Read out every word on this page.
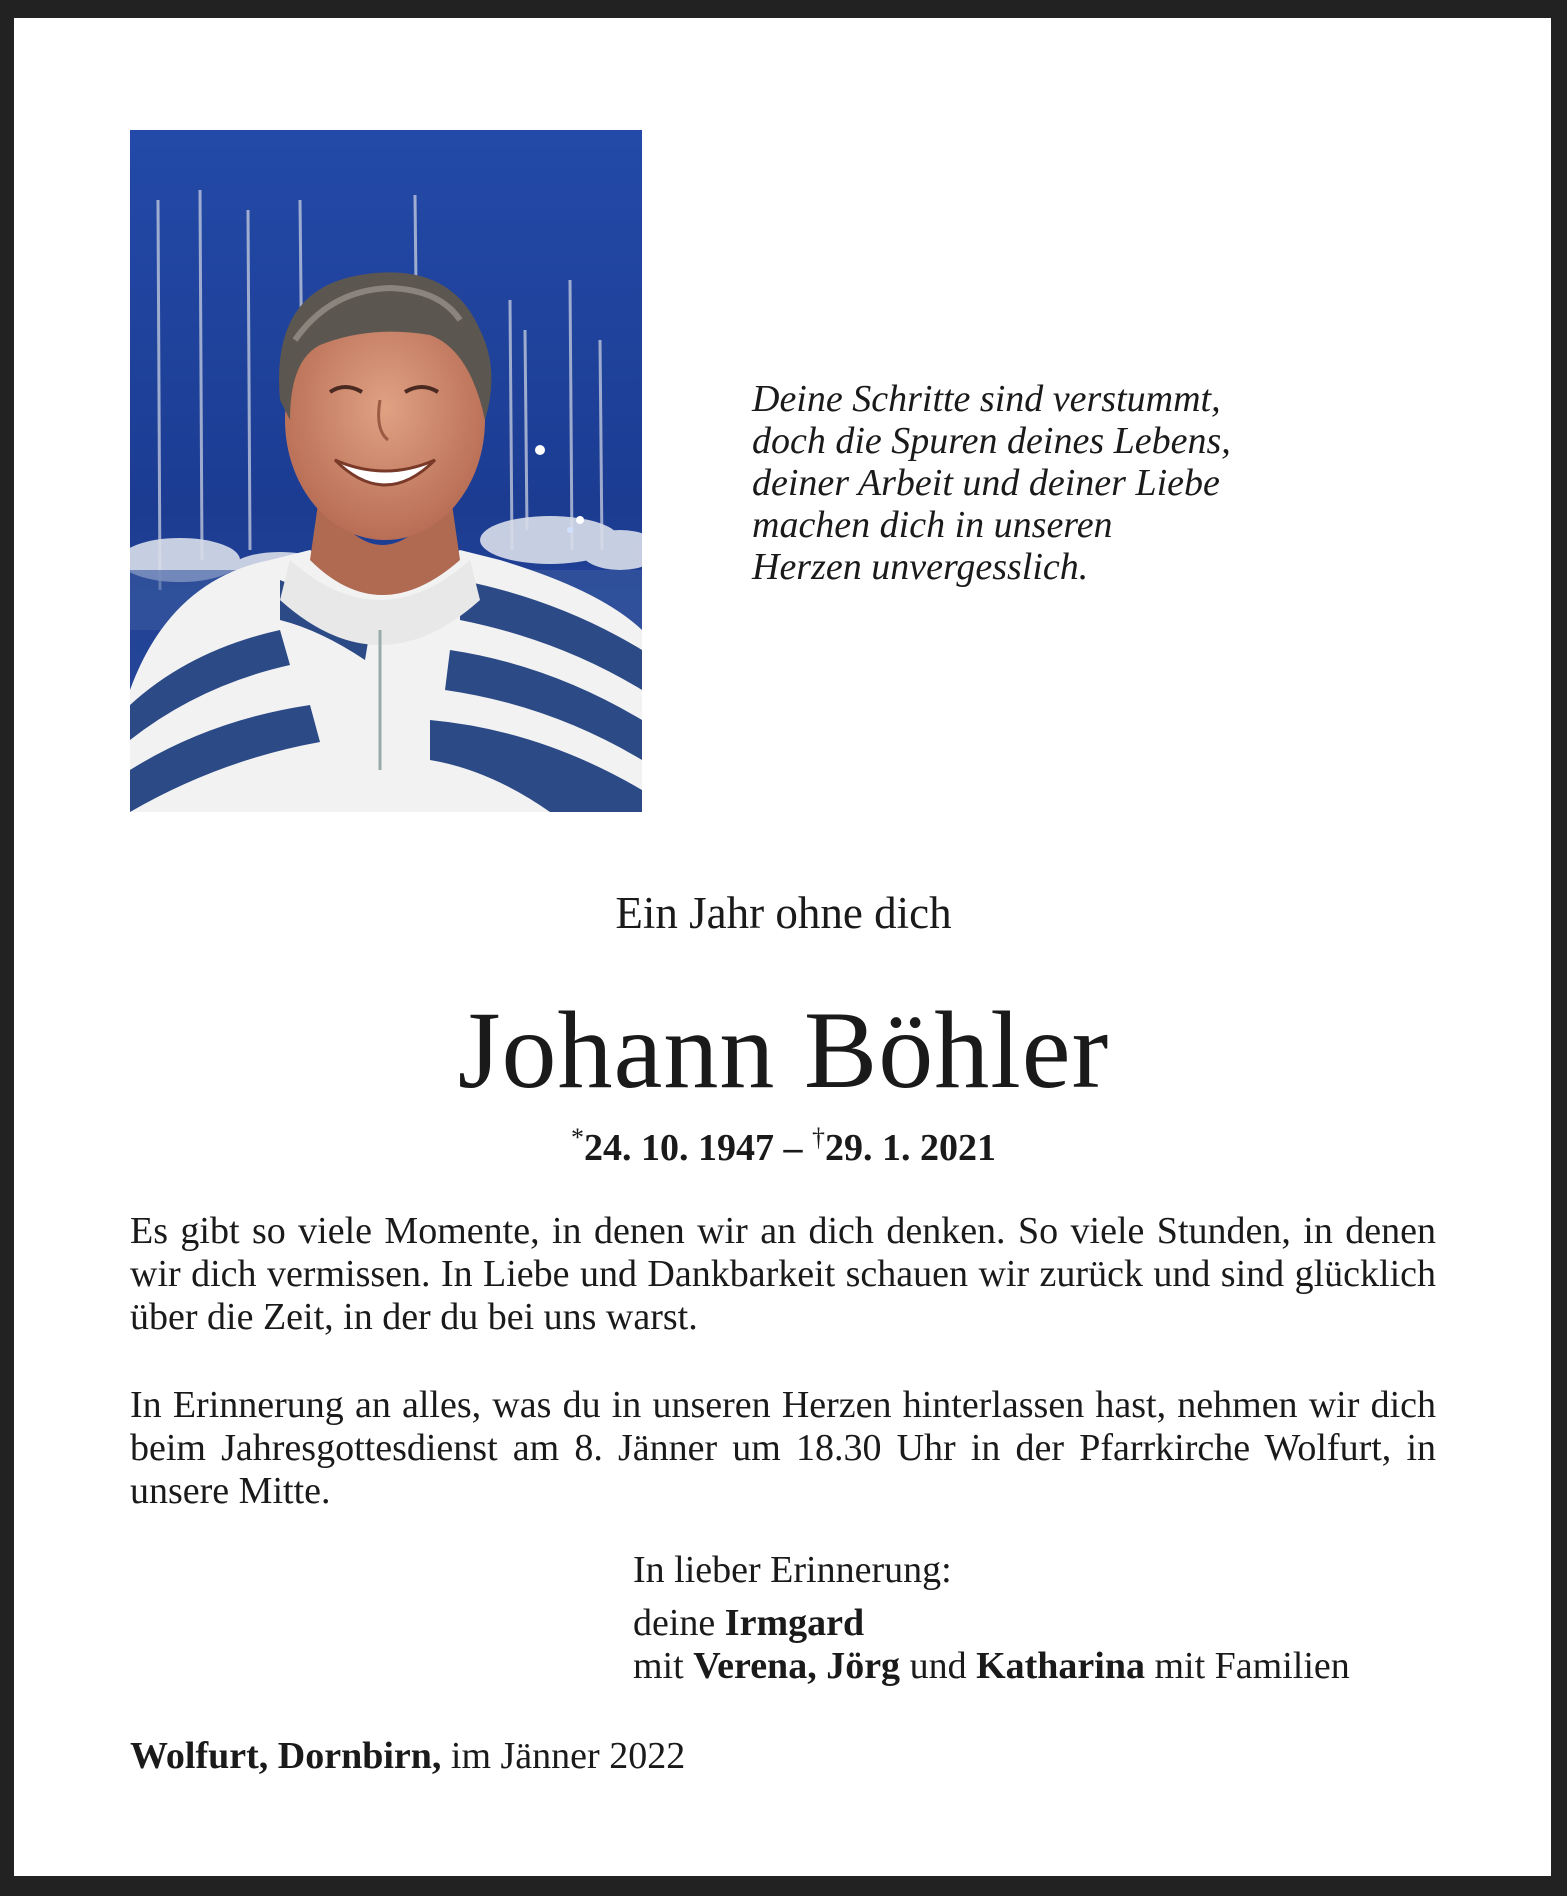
Deine Schritte sind verstummt,
doch die Spuren deines Lebens,
deiner Arbeit und deiner Liebe
machen dich in unseren
Herzen unvergesslich.
Ein Jahr ohne dich
Johann Böhler
*24. 10. 1947 – †29. 1. 2021
Es gibt so viele Momente, in denen wir an dich denken. So viele Stunden, in denen wir dich vermissen. In Liebe und Dankbarkeit schauen wir zurück und sind glücklich über die Zeit, in der du bei uns warst.
In Erinnerung an alles, was du in unseren Herzen hinterlassen hast, nehmen wir dich beim Jahresgottesdienst am 8. Jänner um 18.30 Uhr in der Pfarrkirche Wolfurt, in unsere Mitte.
In lieber Erinnerung:
deine Irmgard
mit Verena, Jörg und Katharina mit Familien
Wolfurt, Dornbirn, im Jänner 2022
